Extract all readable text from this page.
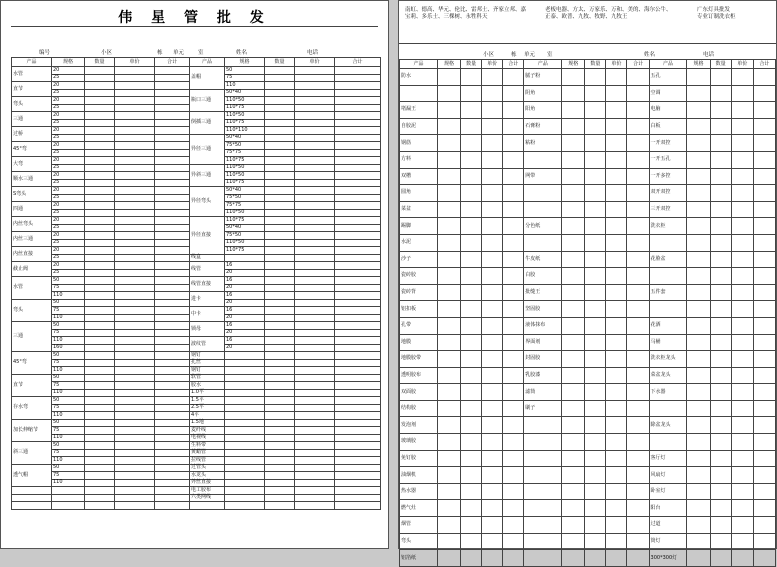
伟 星 管 批 发
编号	小区	栋 单元	室	姓名	电话
产品	规格	数量	单价	合计	产品	规格	数量	单价	合计
水管	20				盖帽	50			
	25					75			
直节	20					110			
	25				瓶口三通	50*40			
弯头	20					110*50			
	25					110*75			
三通	20				倒插三通	110*50			
	25					110*75			
过桥	20					110*110			
	25				异径三通	50*40			
45°弯	20					75*50			
	25					75*75			
大弯	20					110*75			
	25				异斜三通	110*50			
顺水三通	20					110*50			
	25					110*75			
S弯头	20				异径弯头	50*40			
	25					75*50			
四通	20					75*75			
	25					110*50			
内丝弯头	20				异径直接	110*75			
	25					50*40			
内丝三通	20					75*50			
	25					110*50			
内丝直接	20					110*75			
	25				线盒				
截止阀	20				线管	16			
	25					20			
水管	50				线管直接	16			
	75					20			
	110				进卡	16			
弯头	50					20			
	75				中卡	16			
	110					20			
三通	50				锁母	16			
	75					20			
	110				波纹管	16			
	160					20			
45°弯	50				钢钉				
	75				扎丝				
	110				钢钉				
直节	50				软管				
	75				胶水				
	110				1.0平				
存水弯	50				1.5平				
	75				2.5平				
	110				4平				
加长伸缩节	50				1.5地				
	75				麦纤线				
	110				电视线				
斜三通	50				生料带				
	75				黄蜡管				
	110				拉线管				
透气帽	50				过管头				
	75				水龙头				
	110				外丝直接				
					电工胶布				
					六类网线				

南虹、德高、华元、伦比、雷邦士、齐家立邦、嘉宝莉、多乐士、三棵树、永牲科天
老板电器、方太、万家乐、万和、美的、海尔公牛、正泰、欧普、九牧、牧野、九牧王
广东灯具批发
专业订制洗衣柜
小区	栋 单元 室	姓名	电话
产品	规格	数量	单价	合计	产品	规格	数量	单价	合计	产品	规格	数量	单价	合计
防水					腻子粉					五孔				
					阴角					空调				
堵漏王					阳角					电脑				
自胶泥					石膏粉					白板				
钢筋					粘粉					一开双控				
方料										一开五孔				
双槽					网带					一开多控				
圆角										双开双控				
菜盆										三开双控				
踢脚					分色纸					洗衣柜				
水泥														
沙子					牛皮纸					花脸盆				
瓷砖胶					白胶									
瓷砖背					批缝王					五件套				
铝扣板					坚固胶									
孔带					液体抹布					花洒				
地膜					界面剂					马桶				
地膜胶带					封固胶					洗衣柜龙头				
透明胶布					乳胶漆					菜盆龙头				
双面胶					滤筒					下水器				
结构胶					刷子									
发泡剂										除盆龙头				
玻璃胶														
免钉胶										客厅灯				
油烟机										风扇灯				
热水器										卧室灯				
燃气灶										阳台				
烟管										过道				
弯头										筒灯				
铝箔纸										300*300灯				
